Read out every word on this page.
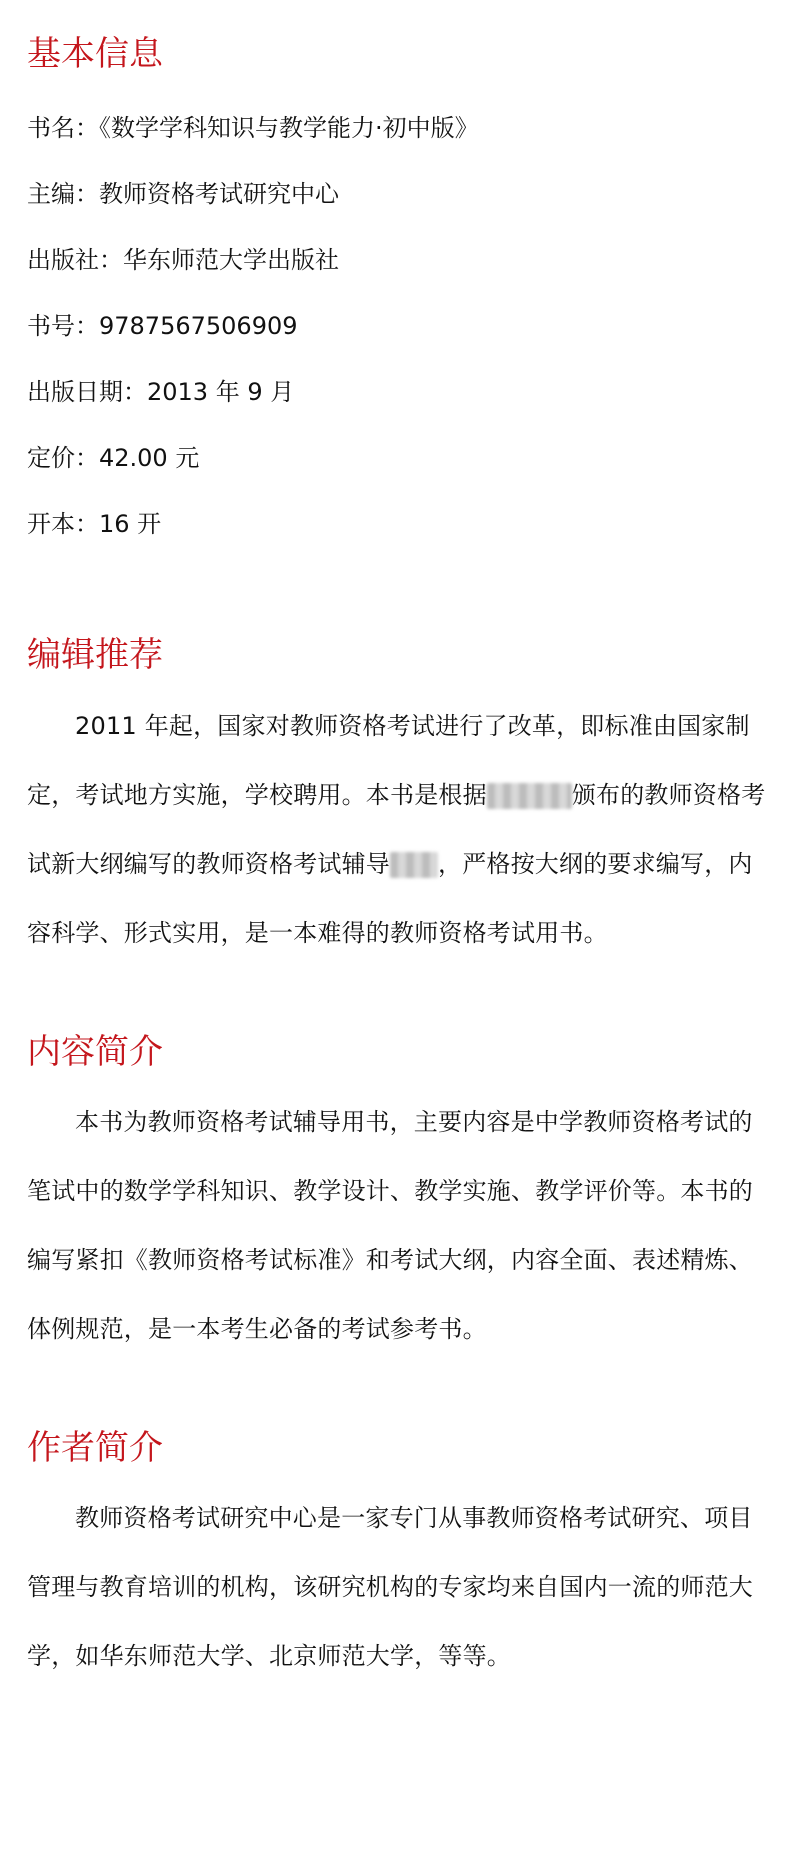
基本信息

书名：《数学学科知识与教学能力·初中版》

主编：教师资格考试研究中心

出版社：华东师范大学出版社

书号：9787567506909

出版日期：2013 年 9 月

定价：42.00 元

开本：16 开

编辑推荐

2011 年起，国家对教师资格考试进行了改革，即标准由国家制定，考试地方实施，学校聘用。本书是根据	颁布的教师资格考试新大纲编写的教师资格考试辅导 ，严格按大纲的要求编写，内容科学、形式实用，是一本难得的教师资格考试用书。

内容简介

本书为教师资格考试辅导用书，主要内容是中学教师资格考试的笔试中的数学学科知识、教学设计、教学实施、教学评价等。本书的编写紧扣《教师资格考试标准》和考试大纲，内容全面、表述精炼、体例规范，是一本考生必备的考试参考书。

作者简介

教师资格考试研究中心是一家专门从事教师资格考试研究、项目管理与教育培训的机构，该研究机构的专家均来自国内一流的师范大学，如华东师范大学、北京师范大学，等等。
